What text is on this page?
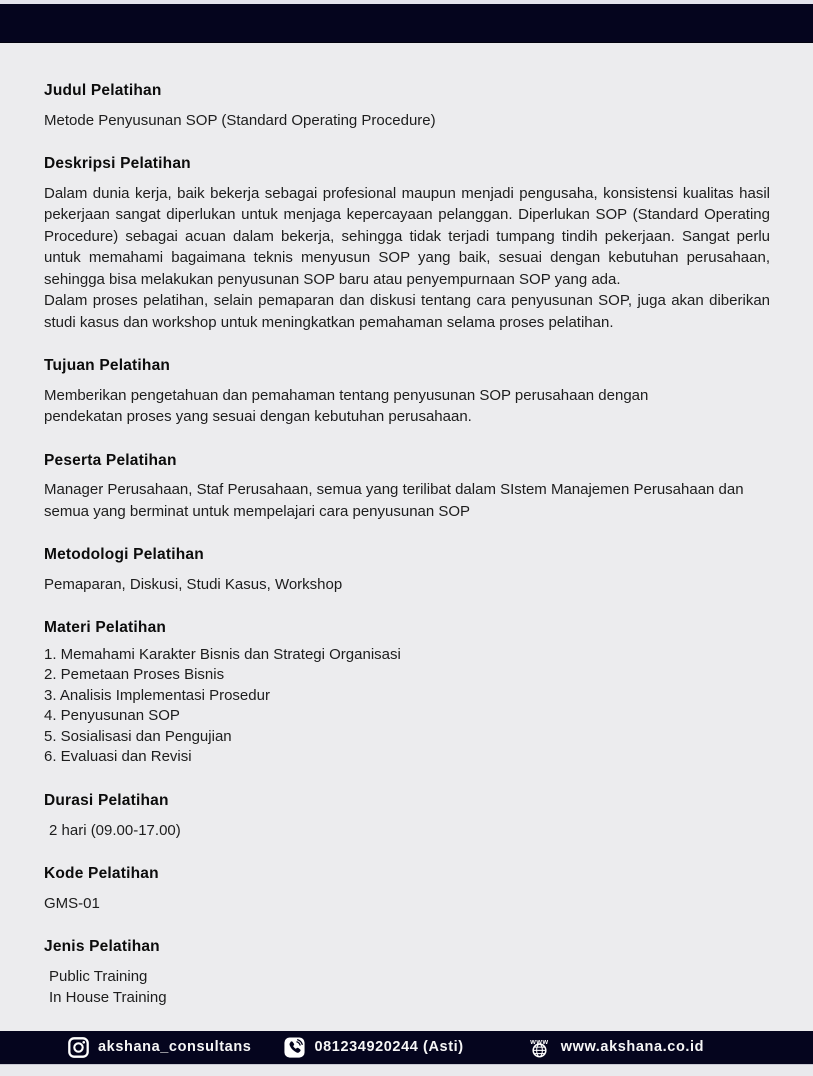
Judul Pelatihan

Metode Penyusunan SOP (Standard Operating Procedure)

Deskripsi Pelatihan

Dalam dunia kerja, baik bekerja sebagai profesional maupun menjadi pengusaha, konsistensi kualitas hasil pekerjaan sangat diperlukan untuk menjaga kepercayaan pelanggan. Diperlukan SOP (Standard Operating Procedure) sebagai acuan dalam bekerja, sehingga tidak terjadi tumpang tindih pekerjaan. Sangat perlu untuk memahami bagaimana teknis menyusun SOP yang baik, sesuai dengan kebutuhan perusahaan, sehingga bisa melakukan penyusunan SOP baru atau penyempurnaan SOP yang ada.

Dalam proses pelatihan, selain pemaparan dan diskusi tentang cara penyusunan SOP, juga akan diberikan studi kasus dan workshop untuk meningkatkan pemahaman selama proses pelatihan.

Tujuan Pelatihan

Memberikan pengetahuan dan pemahaman tentang penyusunan SOP perusahaan dengan pendekatan proses yang sesuai dengan kebutuhan perusahaan.

Peserta Pelatihan

Manager Perusahaan, Staf Perusahaan, semua yang terilibat dalam SIstem Manajemen Perusahaan dan semua yang berminat untuk mempelajari cara penyusunan SOP

Metodologi Pelatihan

Pemaparan, Diskusi, Studi Kasus, Workshop

Materi Pelatihan
1. Memahami Karakter Bisnis dan Strategi Organisasi
2. Pemetaan Proses Bisnis
3. Analisis Implementasi Prosedur
4. Penyusunan SOP
5. Sosialisasi dan Pengujian
6. Evaluasi dan Revisi
Durasi Pelatihan

2 hari (09.00-17.00)

Kode Pelatihan

GMS-01

Jenis Pelatihan
Public Training
In House Training
akshana_consultans	081234920244 (Asti)	www www.akshana.co.id
